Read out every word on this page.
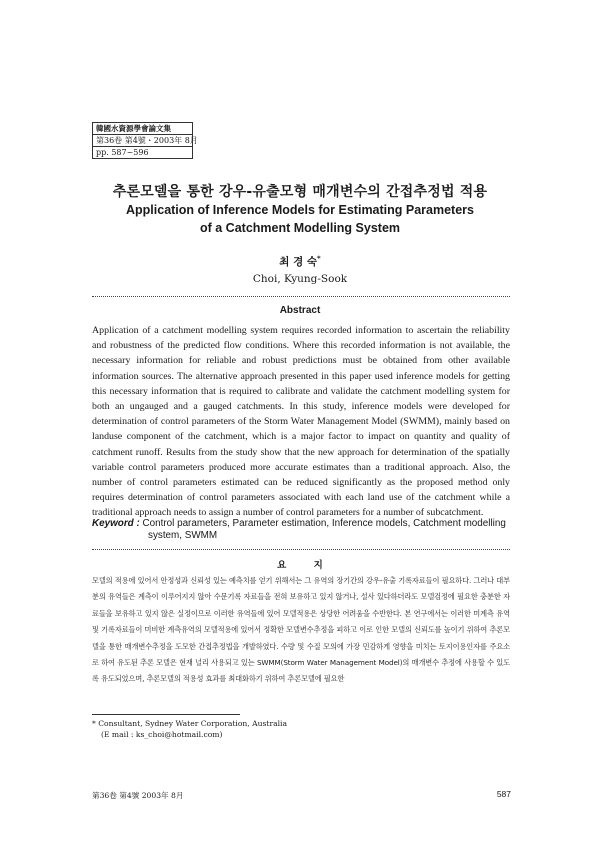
韓國水資源學會論文集
第36卷 第4號・2003年 8月
pp. 587~596
추론모델을 통한 강우-유출모형 매개변수의 간접추정법 적용
Application of Inference Models for Estimating Parameters
of a Catchment Modelling System
최 경 숙*
Choi, Kyung-Sook
Abstract
Application of a catchment modelling system requires recorded information to ascertain the reliability and robustness of the predicted flow conditions. Where this recorded information is not available, the necessary information for reliable and robust predictions must be obtained from other available information sources. The alternative approach presented in this paper used inference models for getting this necessary information that is required to calibrate and validate the catchment modelling system for both an ungauged and a gauged catchments. In this study, inference models were developed for determination of control parameters of the Storm Water Management Model (SWMM), mainly based on landuse component of the catchment, which is a major factor to impact on quantity and quality of catchment runoff. Results from the study show that the new approach for determination of the spatially variable control parameters produced more accurate estimates than a traditional approach. Also, the number of control parameters estimated can be reduced significantly as the proposed method only requires determination of control parameters associated with each land use of the catchment while a traditional approach needs to assign a number of control parameters for a number of subcatchment.
Keyword : Control parameters, Parameter estimation, Inference models, Catchment modelling
system, SWMM
요 지
모델의 적용에 있어서 안정성과 신뢰성 있는 예측치를 얻기 위해서는 그 유역의 장기간의 강우-유출 기록자료들이 필요하다. 그러나 대부분의 유역들은 계측이 이루어지지 않아 수문기록 자료들을 전혀 보유하고 있지 않거나, 설사 있다하더라도 모델검정에 필요한 충분한 자료들을 보유하고 있지 않은 실정이므로 이러한 유역들에 있어 모델적용은 상당한 어려움을 수반한다. 본 연구에서는 이러한 미계측 유역 및 기록자료들이 미비한 계측유역의 모델적용에 있어서 정확한 모델변수추정을 피하고 이로 인한 모델의 신뢰도를 높이기 위하여 추론모델을 통한 매개변수추정을 도모한 간접추정법을 개발하였다. 수량 및 수질 모의에 가장 민감하게 영향을 미치는 토지이용인자를 주요소로 하여 유도된 추론 모델은 현재 널리 사용되고 있는 SWMM(Storm Water Management Model)의 매개변수 추정에 사용할 수 있도록 유도되었으며, 추론모델의 적용성 효과를 최대화하기 위하여 추론모델에 필요한
* Consultant, Sydney Water Corporation, Australia
(E mail : ks_choi@hotmail.com)
第36卷 第4號 2003年 8月	587
